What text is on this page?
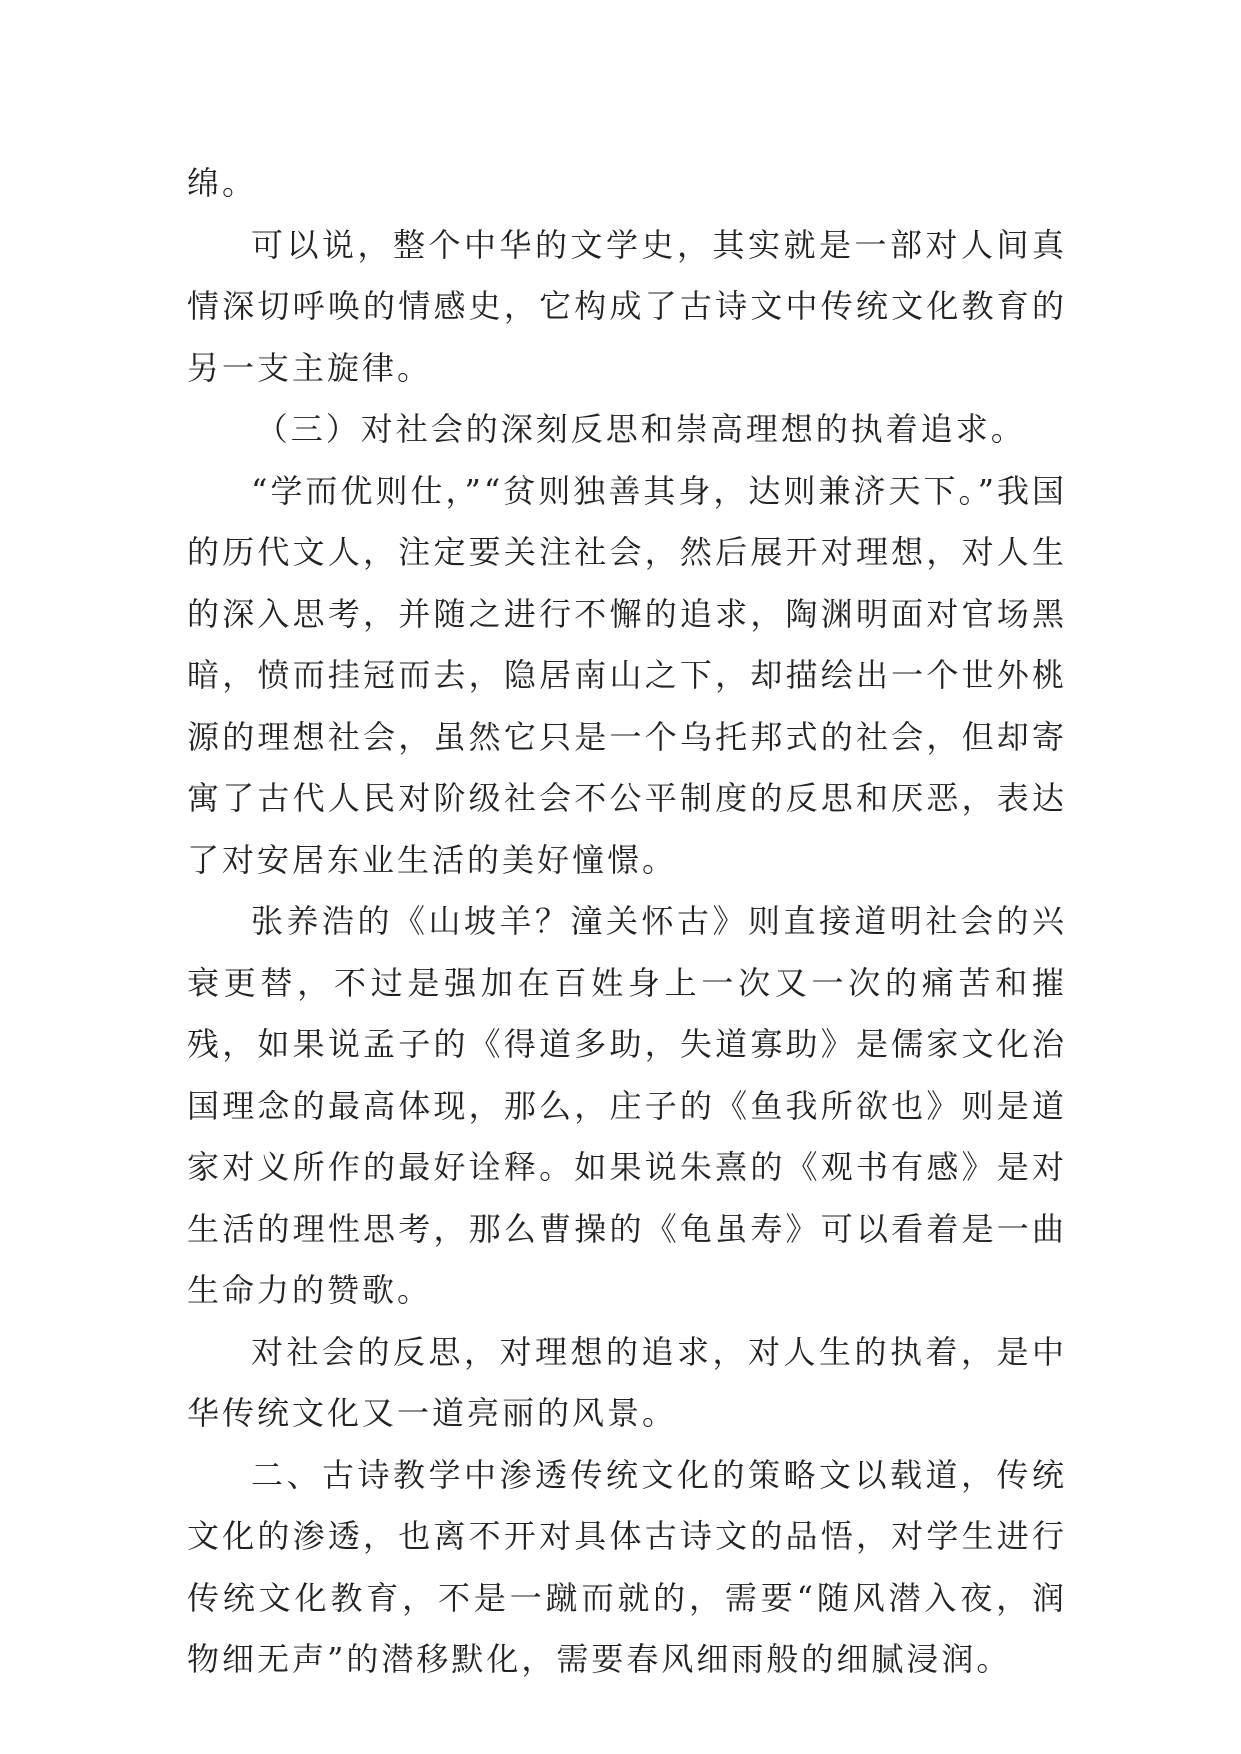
绵。

可以说，整个中华的文学史，其实就是一部对人间真情深切呼唤的情感史，它构成了古诗文中传统文化教育的另一支主旋律。

（三）对社会的深刻反思和崇高理想的执着追求。

“学而优则仕，”“贫则独善其身，达则兼济天下。”我国的历代文人，注定要关注社会，然后展开对理想，对人生的深入思考，并随之进行不懈的追求，陶渊明面对官场黑暗，愤而挂冠而去，隐居南山之下，却描绘出一个世外桃源的理想社会，虽然它只是一个乌托邦式的社会，但却寄寓了古代人民对阶级社会不公平制度的反思和厌恶，表达了对安居东业生活的美好憧憬。

张养浩的《山坡羊？潼关怀古》则直接道明社会的兴衰更替，不过是强加在百姓身上一次又一次的痛苦和摧残，如果说孟子的《得道多助，失道寡助》是儒家文化治国理念的最高体现，那么，庄子的《鱼我所欲也》则是道家对义所作的最好诠释。如果说朱熹的《观书有感》是对生活的理性思考，那么曹操的《龟虽寿》可以看着是一曲生命力的赞歌。

对社会的反思，对理想的追求，对人生的执着，是中华传统文化又一道亮丽的风景。

二、古诗教学中渗透传统文化的策略文以载道，传统文化的渗透，也离不开对具体古诗文的品悟，对学生进行传统文化教育，不是一蹴而就的，需要“随风潜入夜，润物细无声”的潜移默化，需要春风细雨般的细腻浸润。
